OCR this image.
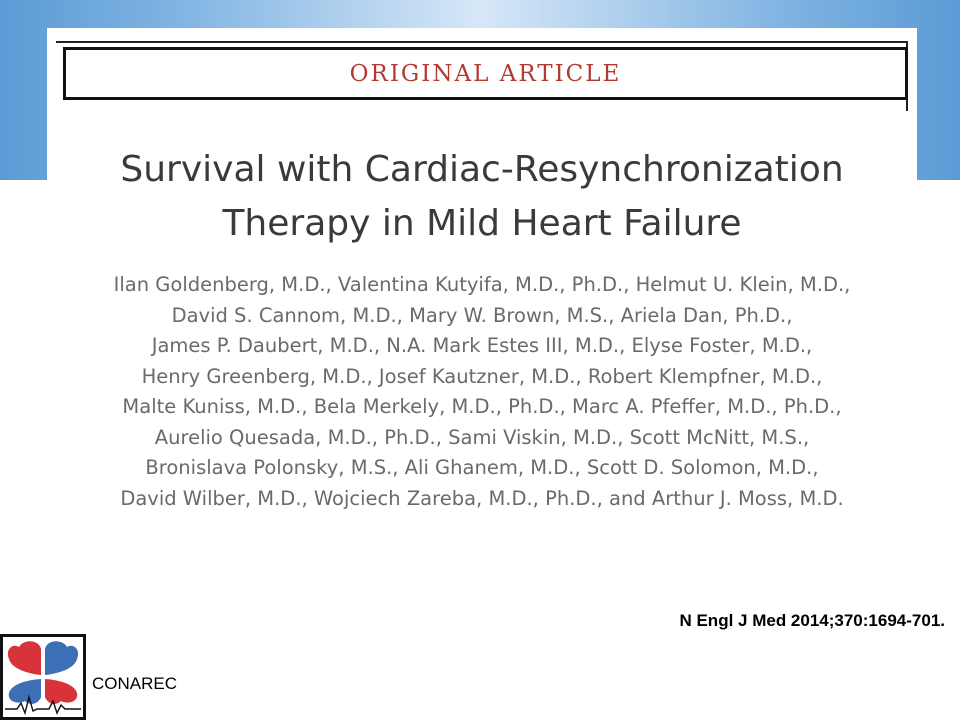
ORIGINAL ARTICLE
Survival with Cardiac-Resynchronization
Therapy in Mild Heart Failure
Ilan Goldenberg, M.D., Valentina Kutyifa, M.D., Ph.D., Helmut U. Klein, M.D.,
David S. Cannom, M.D., Mary W. Brown, M.S., Ariela Dan, Ph.D.,
James P. Daubert, M.D., N.A. Mark Estes III, M.D., Elyse Foster, M.D.,
Henry Greenberg, M.D., Josef Kautzner, M.D., Robert Klempfner, M.D.,
Malte Kuniss, M.D., Bela Merkely, M.D., Ph.D., Marc A. Pfeffer, M.D., Ph.D.,
Aurelio Quesada, M.D., Ph.D., Sami Viskin, M.D., Scott McNitt, M.S.,
Bronislava Polonsky, M.S., Ali Ghanem, M.D., Scott D. Solomon, M.D.,
David Wilber, M.D., Wojciech Zareba, M.D., Ph.D., and Arthur J. Moss, M.D.
N Engl J Med 2014;370:1694-701.
CONAREC
